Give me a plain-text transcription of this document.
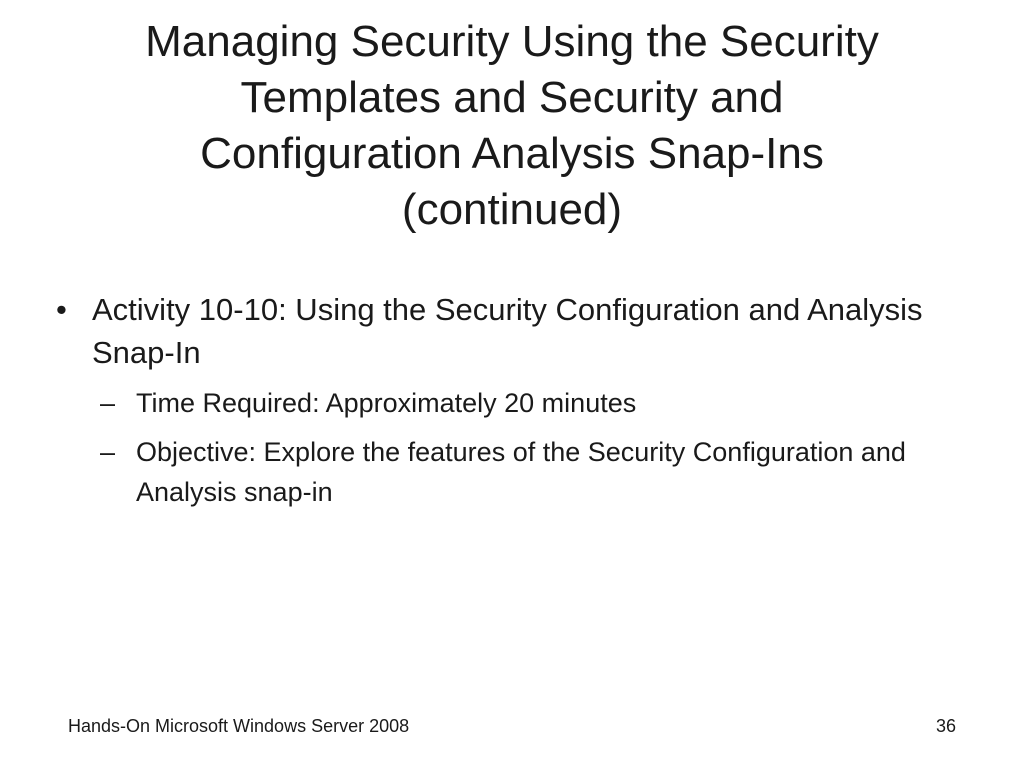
Managing Security Using the Security
Templates and Security and
Configuration Analysis Snap-Ins
(continued)
• Activity 10-10: Using the Security Configuration and Analysis Snap-In
– Time Required: Approximately 20 minutes
– Objective: Explore the features of the Security Configuration and Analysis snap-in
Hands-On Microsoft Windows Server 2008	36
